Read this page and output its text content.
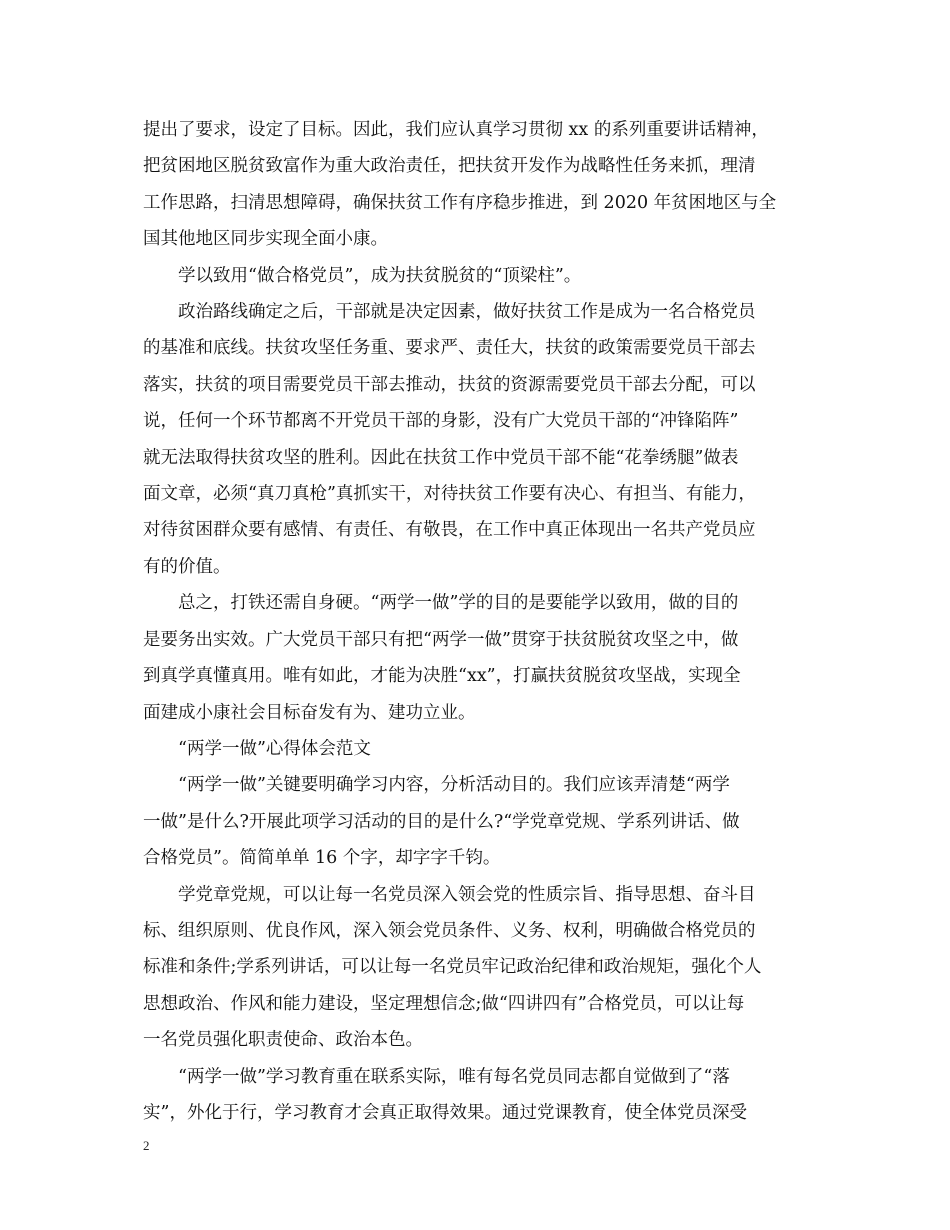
提出了要求，设定了目标。因此，我们应认真学习贯彻 xx 的系列重要讲话精神，
把贫困地区脱贫致富作为重大政治责任，把扶贫开发作为战略性任务来抓，理清
工作思路，扫清思想障碍，确保扶贫工作有序稳步推进，到 2020 年贫困地区与全
国其他地区同步实现全面小康。

学以致用“做合格党员”，成为扶贫脱贫的“顶梁柱”。

政治路线确定之后，干部就是决定因素，做好扶贫工作是成为一名合格党员
的基准和底线。扶贫攻坚任务重、要求严、责任大，扶贫的政策需要党员干部去
落实，扶贫的项目需要党员干部去推动，扶贫的资源需要党员干部去分配，可以
说，任何一个环节都离不开党员干部的身影，没有广大党员干部的“冲锋陷阵”
就无法取得扶贫攻坚的胜利。因此在扶贫工作中党员干部不能“花拳绣腿”做表
面文章，必须“真刀真枪”真抓实干，对待扶贫工作要有决心、有担当、有能力，
对待贫困群众要有感情、有责任、有敬畏，在工作中真正体现出一名共产党员应
有的价值。

总之，打铁还需自身硬。“两学一做”学的目的是要能学以致用，做的目的
是要务出实效。广大党员干部只有把“两学一做”贯穿于扶贫脱贫攻坚之中，做
到真学真懂真用。唯有如此，才能为决胜“xx”，打赢扶贫脱贫攻坚战，实现全
面建成小康社会目标奋发有为、建功立业。

“两学一做”心得体会范文

“两学一做”关键要明确学习内容，分析活动目的。我们应该弄清楚“两学
一做”是什么?开展此项学习活动的目的是什么?“学党章党规、学系列讲话、做
合格党员”。简简单单 16 个字，却字字千钧。

学党章党规，可以让每一名党员深入领会党的性质宗旨、指导思想、奋斗目
标、组织原则、优良作风，深入领会党员条件、义务、权利，明确做合格党员的
标准和条件;学系列讲话，可以让每一名党员牢记政治纪律和政治规矩，强化个人
思想政治、作风和能力建设，坚定理想信念;做“四讲四有”合格党员，可以让每
一名党员强化职责使命、政治本色。

“两学一做”学习教育重在联系实际，唯有每名党员同志都自觉做到了“落
实”，外化于行，学习教育才会真正取得效果。通过党课教育，使全体党员深受

2
